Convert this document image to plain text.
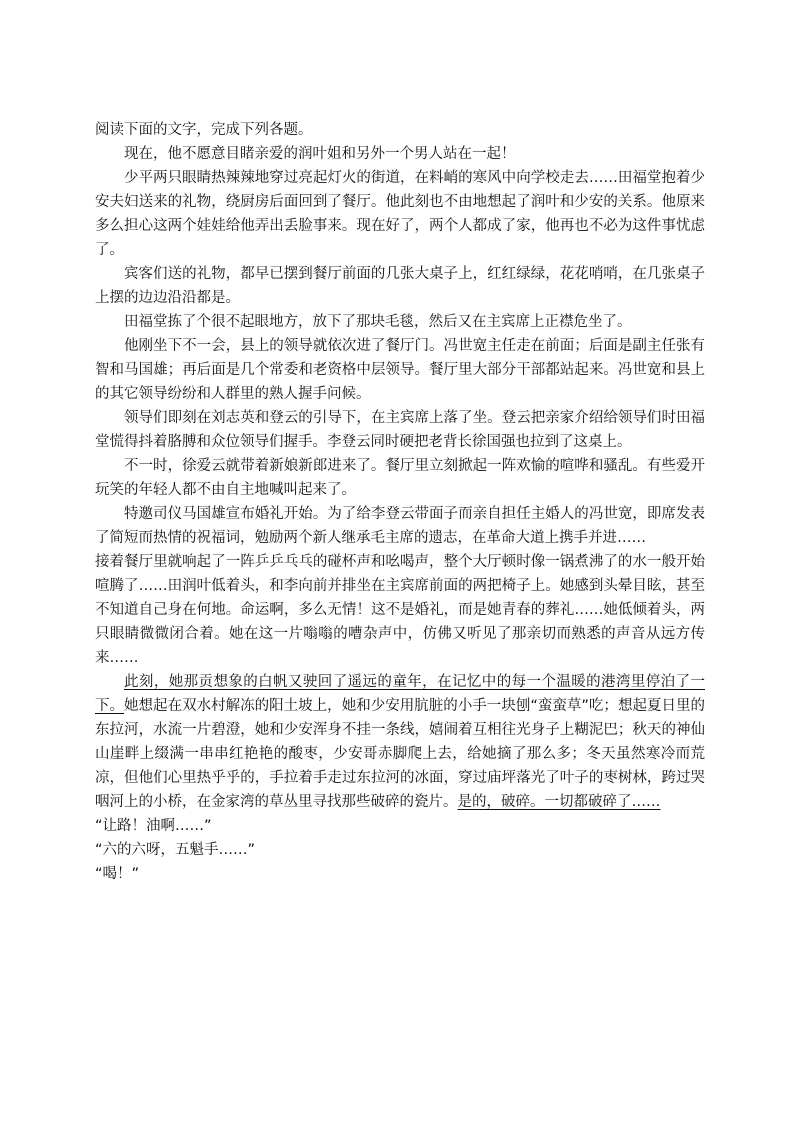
阅读下面的文字，完成下列各题。

现在，他不愿意目睹亲爱的润叶姐和另外一个男人站在一起！

少平两只眼睛热辣辣地穿过亮起灯火的街道，在料峭的寒风中向学校走去……田福堂抱着少安夫妇送来的礼物，绕厨房后面回到了餐厅。他此刻也不由地想起了润叶和少安的关系。他原来多么担心这两个娃娃给他弄出丢脸事来。现在好了，两个人都成了家，他再也不必为这件事忧虑了。

宾客们送的礼物，都早已摆到餐厅前面的几张大桌子上，红红绿绿，花花哨哨，在几张桌子上摆的边边沿沿都是。

田福堂拣了个很不起眼地方，放下了那块毛毯，然后又在主宾席上正襟危坐了。

他刚坐下不一会，县上的领导就依次进了餐厅门。冯世宽主任走在前面；后面是副主任张有智和马国雄；再后面是几个常委和老资格中层领导。餐厅里大部分干部都站起来。冯世宽和县上的其它领导纷纷和人群里的熟人握手问候。

领导们即刻在刘志英和登云的引导下，在主宾席上落了坐。登云把亲家介绍给领导们时田福堂慌得抖着胳膊和众位领导们握手。李登云同时硬把老背长徐国强也拉到了这桌上。

不一时，徐爱云就带着新娘新郎进来了。餐厅里立刻掀起一阵欢愉的喧哗和骚乱。有些爱开玩笑的年轻人都不由自主地喊叫起来了。

特邀司仪马国雄宣布婚礼开始。为了给李登云带面子而亲自担任主婚人的冯世宽，即席发表了简短而热情的祝福词，勉励两个新人继承毛主席的遗志，在革命大道上携手并进……

接着餐厅里就响起了一阵乒乒乓乓的碰杯声和吆喝声，整个大厅顿时像一锅煮沸了的水一般开始喧腾了……田润叶低着头，和李向前并排坐在主宾席前面的两把椅子上。她感到头晕目眩，甚至不知道自己身在何地。命运啊，多么无情！这不是婚礼，而是她青春的葬礼……她低倾着头，两只眼睛微微闭合着。她在这一片嗡嗡的嘈杂声中，仿佛又听见了那亲切而熟悉的声音从远方传来……

此刻，她那贡想象的白帆又驶回了遥远的童年，在记忆中的每一个温暖的港湾里停泊了一下。她想起在双水村解冻的阳土坡上，她和少安用肮脏的小手一块刨“蛮蛮草”吃；想起夏日里的东拉河，水流一片碧澄，她和少安浑身不挂一条线，嬉闹着互相往光身子上糊泥巴；秋天的神仙山崖畔上缀满一串串红艳艳的酸枣，少安哥赤脚爬上去，给她摘了那么多；冬天虽然寒冷而荒凉，但他们心里热乎乎的，手拉着手走过东拉河的冰面，穿过庙坪落光了叶子的枣树林，跨过哭咽河上的小桥，在金家湾的草丛里寻找那些破碎的瓷片。是的，破碎。一切都破碎了……

“让路！油啊……”

“六的六呀，五魁手……”

“喝！”
